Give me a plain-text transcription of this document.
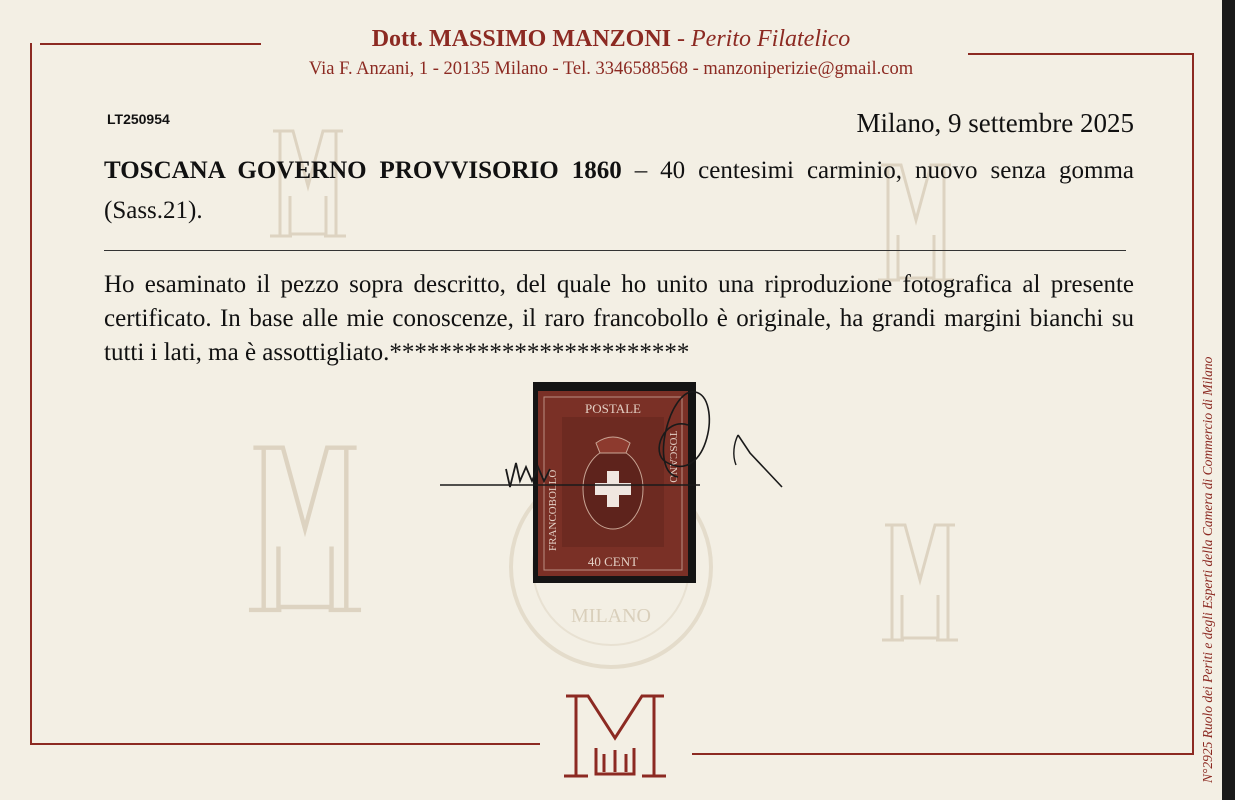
MILANO
Dott. MASSIMO MANZONI - Perito Filatelico
Via F. Anzani, 1 - 20135 Milano - Tel. 3346588568 - manzoniperizie@gmail.com
LT250954	Milano, 9 settembre 2025
TOSCANA GOVERNO PROVVISORIO 1860 – 40 centesimi carminio, nuovo senza gomma (Sass.21).
Ho esaminato il pezzo sopra descritto, del quale ho unito una riproduzione fotografica al presente certificato. In base alle mie conoscenze, il raro francobollo è originale, ha grandi margini bianchi su tutti i lati, ma è assottigliato.************************
POSTALE
40 CENT
FRANCOBOLLO
TOSCANO	N°2925 Ruolo dei Periti e degli Esperti della Camera di Commercio di Milano
